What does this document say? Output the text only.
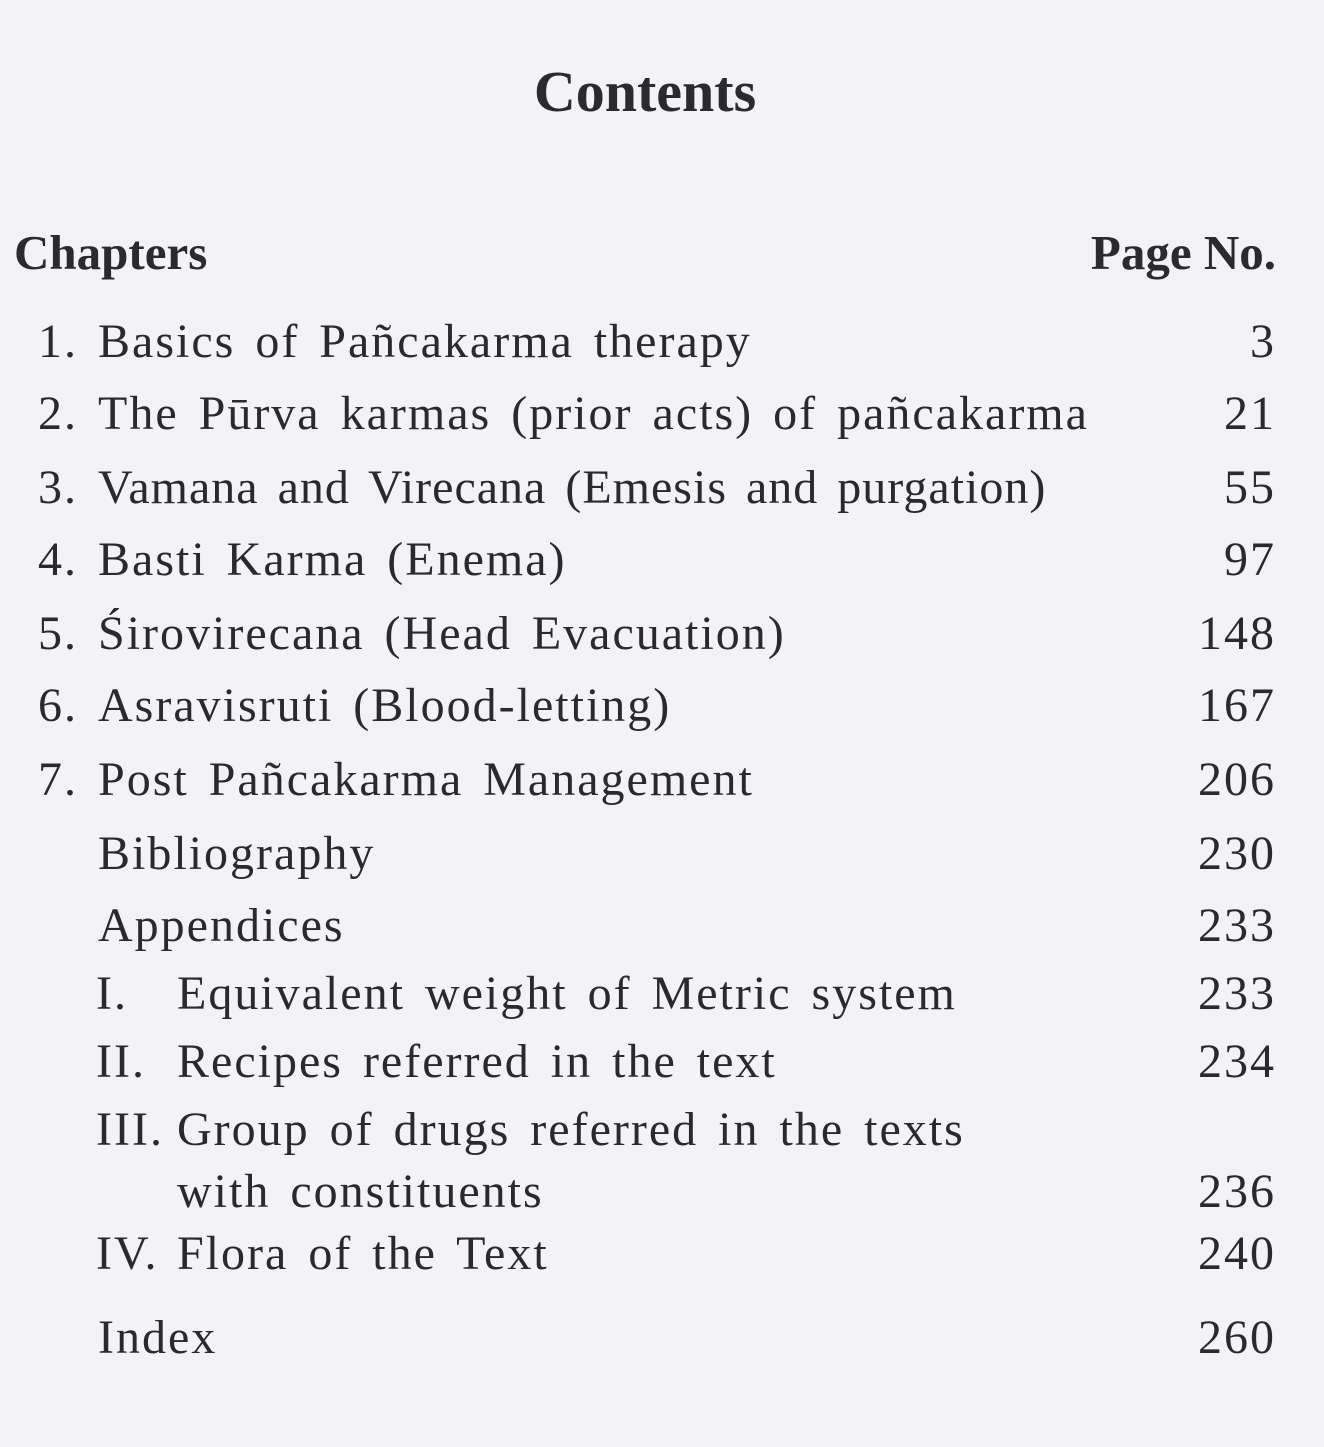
Contents
Chapters	Page No.
1. Basics of Pañcakarma therapy	3
2. The Pūrva karmas (prior acts) of pañcakarma	21
3. Vamana and Virecana (Emesis and purgation)	55
4. Basti Karma (Enema)	97
5. Śirovirecana (Head Evacuation)	148
6. Asravisruti (Blood-letting)	167
7. Post Pañcakarma Management	206
Bibliography	230
Appendices	233
I. Equivalent weight of Metric system	233
II. Recipes referred in the text	234
III. Group of drugs referred in the texts
with constituents	236
IV. Flora of the Text	240
Index	260
